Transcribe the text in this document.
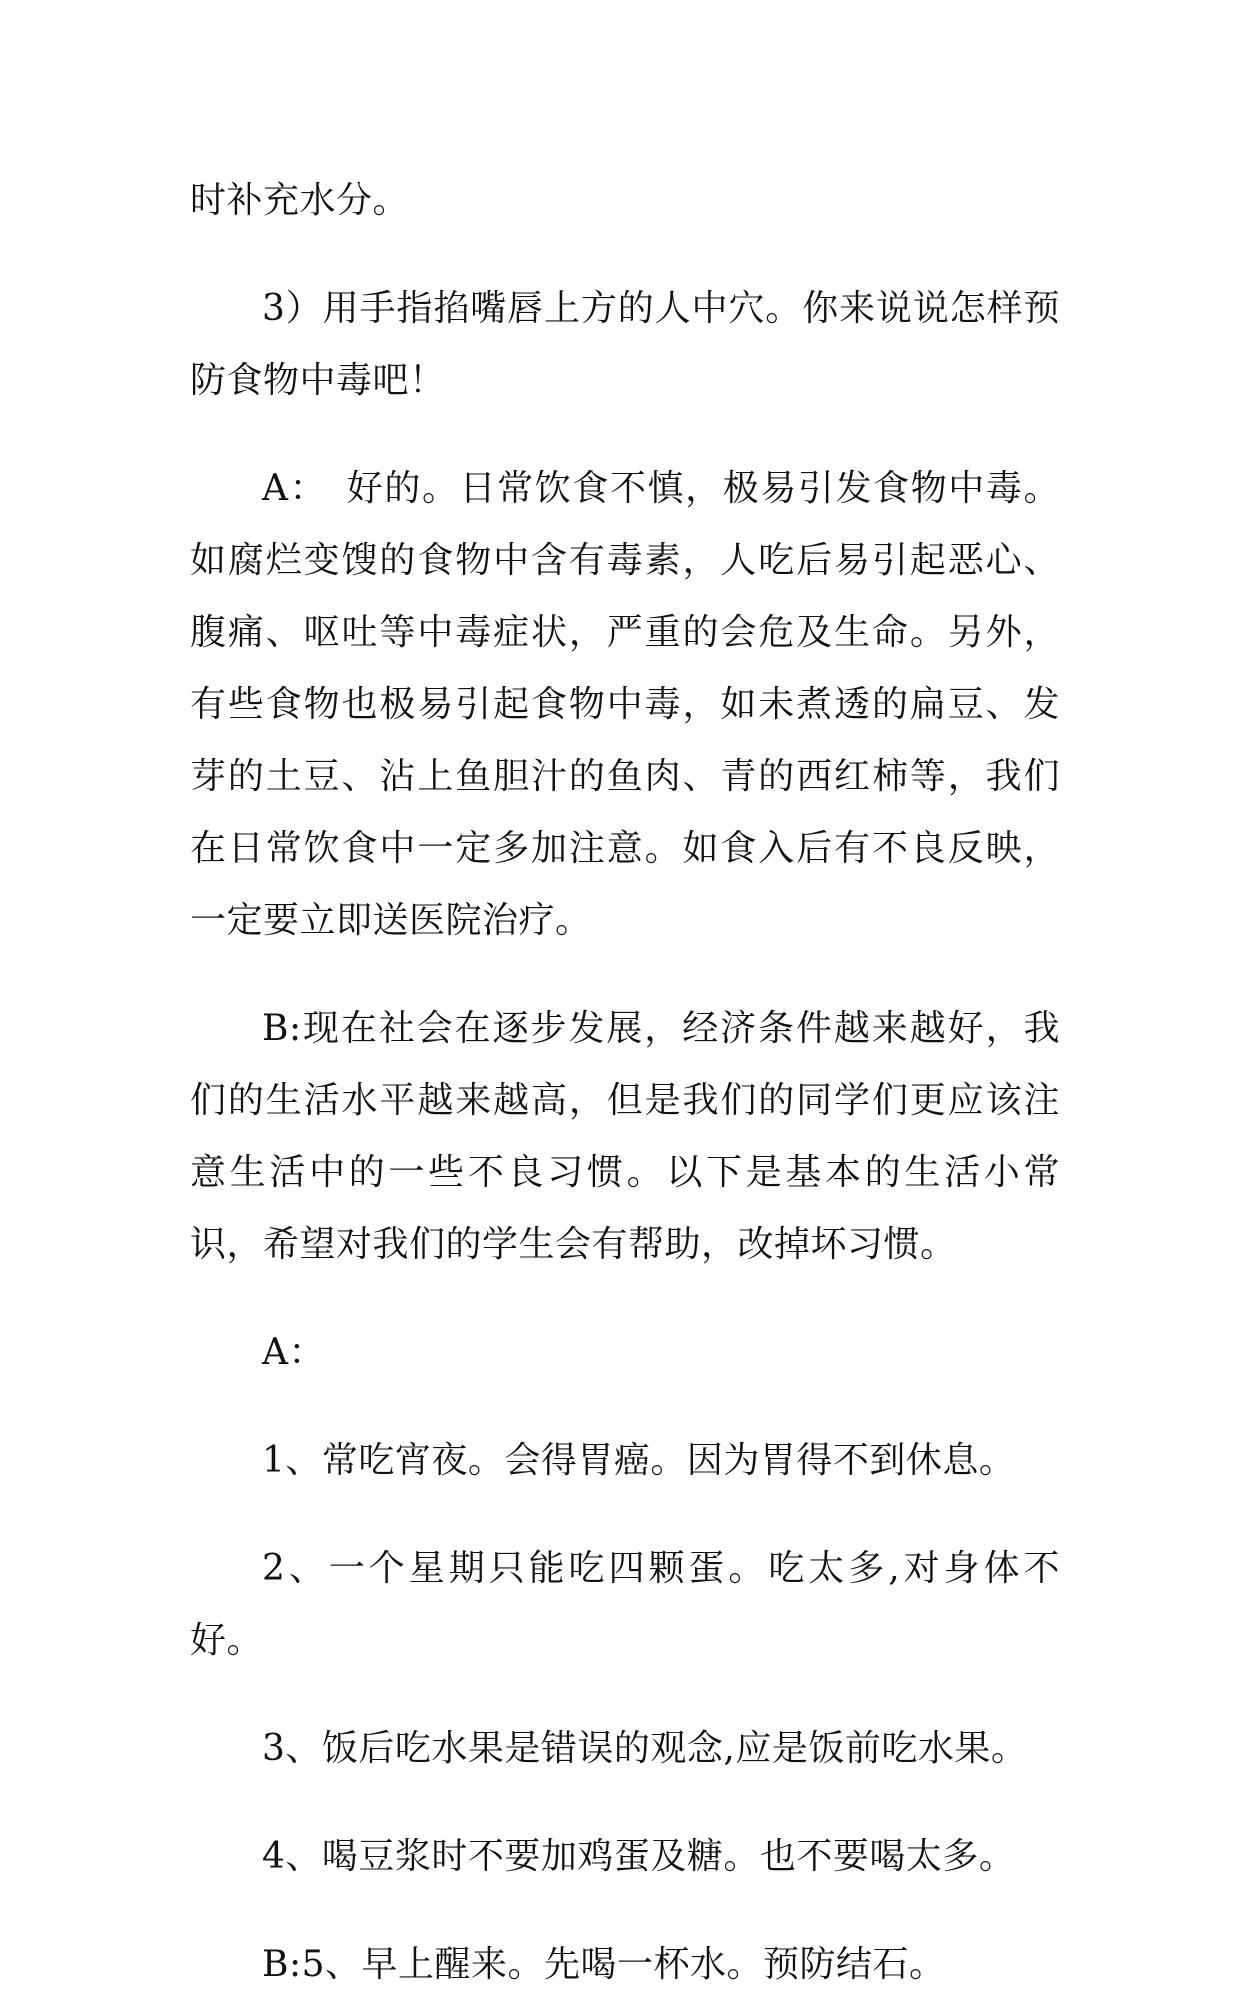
时补充水分。

3）用手指掐嘴唇上方的人中穴。你来说说怎样预防食物中毒吧！

A：　好的。日常饮食不慎，极易引发食物中毒。如腐烂变馊的食物中含有毒素，人吃后易引起恶心、腹痛、呕吐等中毒症状，严重的会危及生命。另外，有些食物也极易引起食物中毒，如未煮透的扁豆、发芽的土豆、沾上鱼胆汁的鱼肉、青的西红柿等，我们在日常饮食中一定多加注意。如食入后有不良反映，一定要立即送医院治疗。

B:现在社会在逐步发展，经济条件越来越好，我们的生活水平越来越高，但是我们的同学们更应该注意生活中的一些不良习惯。以下是基本的生活小常识，希望对我们的学生会有帮助，改掉坏习惯。

A：

1、常吃宵夜。会得胃癌。因为胃得不到休息。

2、一个星期只能吃四颗蛋。吃太多,对身体不好。

3、饭后吃水果是错误的观念,应是饭前吃水果。

4、喝豆浆时不要加鸡蛋及糖。也不要喝太多。

B:5、早上醒来。先喝一杯水。预防结石。
